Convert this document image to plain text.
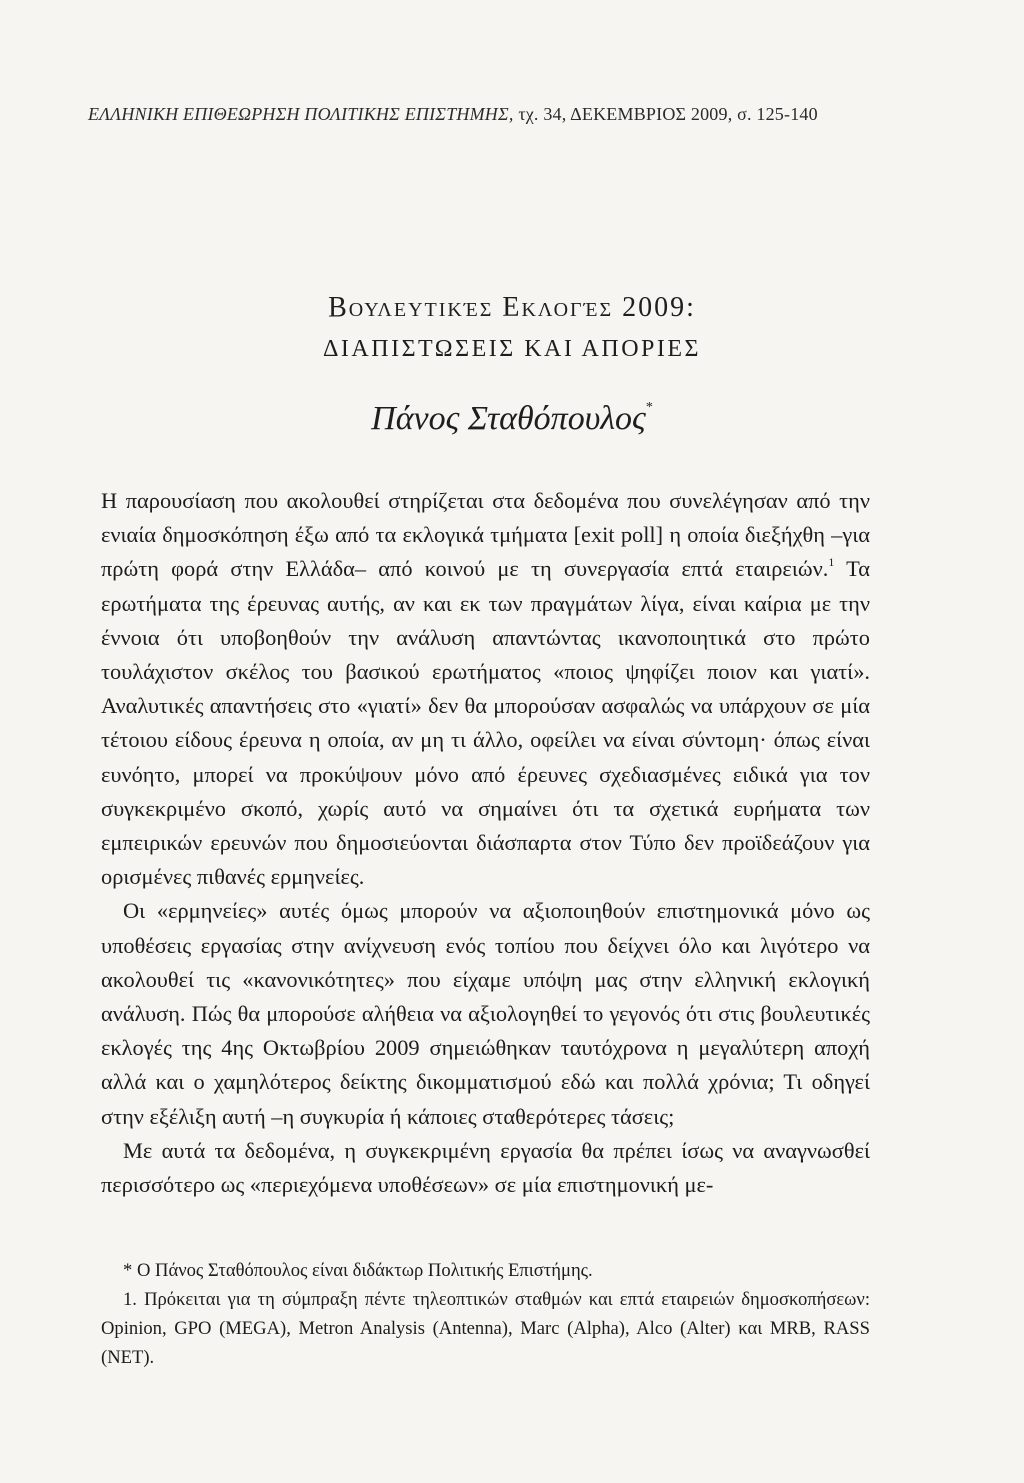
ΕΛΛΗΝΙΚΗ ΕΠΙΘΕΩΡΗΣΗ ΠΟΛΙΤΙΚΗΣ ΕΠΙΣΤΗΜΗΣ, τχ. 34, ΔΕΚΕΜΒΡΙΟΣ 2009, σ. 125-140
Βουλευτικές Εκλογές 2009:
ΔΙΑΠΙΣΤΩΣΕΙΣ ΚΑΙ ΑΠΟΡΙΕΣ
Πάνος Σταθόπουλος*

Η παρουσίαση που ακολουθεί στηρίζεται στα δεδομένα που συνελέγησαν από την ενιαία δημοσκόπηση έξω από τα εκλογικά τμήματα [exit poll] η οποία διεξήχθη –για πρώτη φορά στην Ελλάδα– από κοινού με τη συνεργασία επτά εταιρειών.$^1$ Τα ερωτήματα της έρευνας αυτής, αν και εκ των πραγμάτων λίγα, είναι καίρια με την έννοια ότι υποβοηθούν την ανάλυση απαντώντας ικανοποιητικά στο πρώτο τουλάχιστον σκέλος του βασικού ερωτήματος «ποιος ψηφίζει ποιον και γιατί». Αναλυτικές απαντήσεις στο «γιατί» δεν θα μπορούσαν ασφαλώς να υπάρχουν σε μία τέτοιου είδους έρευνα η οποία, αν μη τι άλλο, οφείλει να είναι σύντομη· όπως είναι ευνόητο, μπορεί να προκύψουν μόνο από έρευνες σχεδιασμένες ειδικά για τον συγκεκριμένο σκοπό, χωρίς αυτό να σημαίνει ότι τα σχετικά ευρήματα των εμπειρικών ερευνών που δημοσιεύονται διάσπαρτα στον Τύπο δεν προϊδεάζουν για ορισμένες πιθανές ερμηνείες.

Οι «ερμηνείες» αυτές όμως μπορούν να αξιοποιηθούν επιστημονικά μόνο ως υποθέσεις εργασίας στην ανίχνευση ενός τοπίου που δείχνει όλο και λιγότερο να ακολουθεί τις «κανονικότητες» που είχαμε υπόψη μας στην ελληνική εκλογική ανάλυση. Πώς θα μπορούσε αλήθεια να αξιολογηθεί το γεγονός ότι στις βουλευτικές εκλογές της 4ης Οκτωβρίου 2009 σημειώθηκαν ταυτόχρονα η μεγαλύτερη αποχή αλλά και ο χαμηλότερος δείκτης δικομματισμού εδώ και πολλά χρόνια; Τι οδηγεί στην εξέλιξη αυτή –η συγκυρία ή κάποιες σταθερότερες τάσεις;

Με αυτά τα δεδομένα, η συγκεκριμένη εργασία θα πρέπει ίσως να αναγνωσθεί περισσότερο ως «περιεχόμενα υποθέσεων» σε μία επιστημονική με-

* Ο Πάνος Σταθόπουλος είναι διδάκτωρ Πολιτικής Επιστήμης.

1. Πρόκειται για τη σύμπραξη πέντε τηλεοπτικών σταθμών και επτά εταιρειών δημοσκοπήσεων: Opinion, GPO (MEGA), Metron Analysis (Antenna), Marc (Alpha), Alco (Alter) και MRB, RASS (NET).
